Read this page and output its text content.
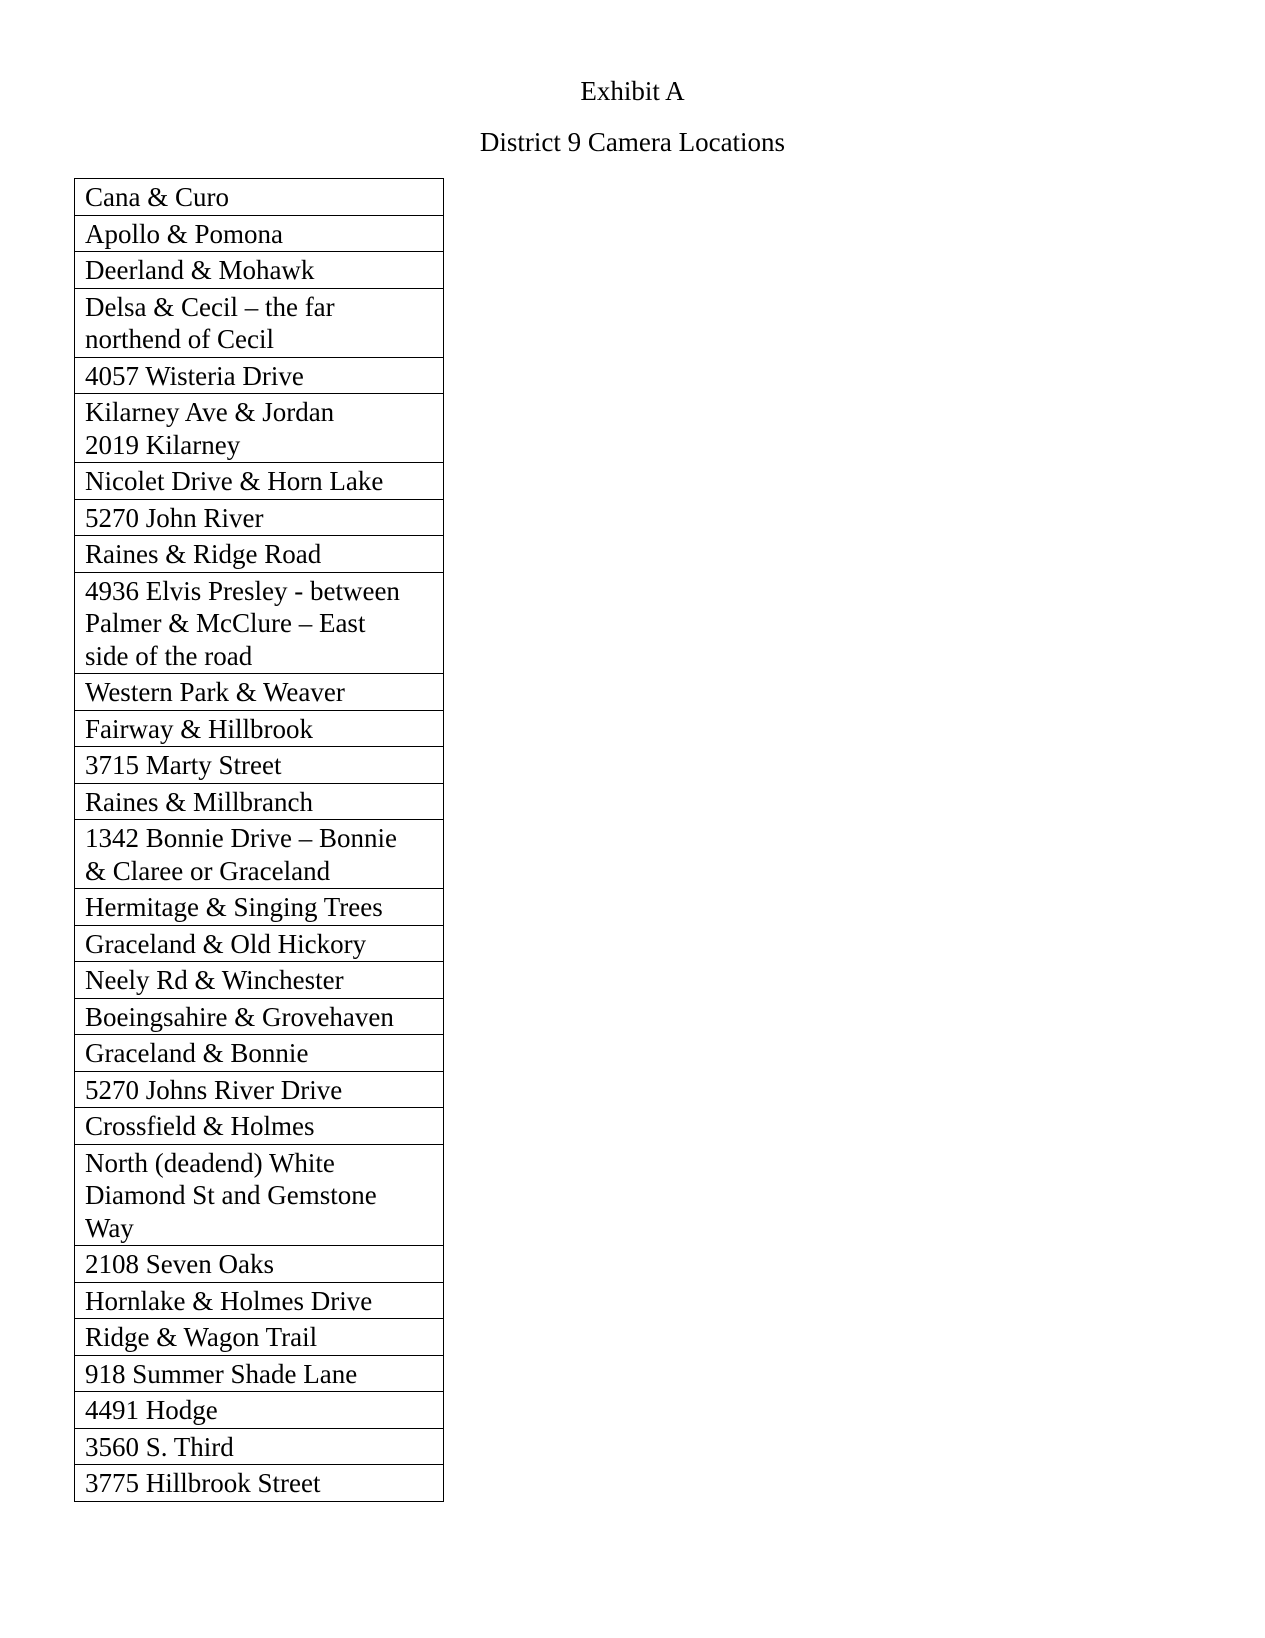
Exhibit A
District 9 Camera Locations
Cana & Curo

Apollo & Pomona

Deerland & Mohawk

Delsa & Cecil – the far
northend of Cecil

4057 Wisteria Drive

Kilarney Ave & Jordan
2019 Kilarney

Nicolet Drive & Horn Lake

5270 John River

Raines & Ridge Road

4936 Elvis Presley - between
Palmer & McClure – East
side of the road

Western Park & Weaver

Fairway & Hillbrook

3715 Marty Street

Raines & Millbranch

1342 Bonnie Drive – Bonnie
& Claree or Graceland

Hermitage & Singing Trees

Graceland & Old Hickory

Neely Rd & Winchester

Boeingsahire & Grovehaven

Graceland & Bonnie

5270 Johns River Drive

Crossfield & Holmes

North (deadend) White
Diamond St and Gemstone
Way

2108 Seven Oaks

Hornlake & Holmes Drive

Ridge & Wagon Trail

918 Summer Shade Lane

4491 Hodge

3560 S. Third

3775 Hillbrook Street
